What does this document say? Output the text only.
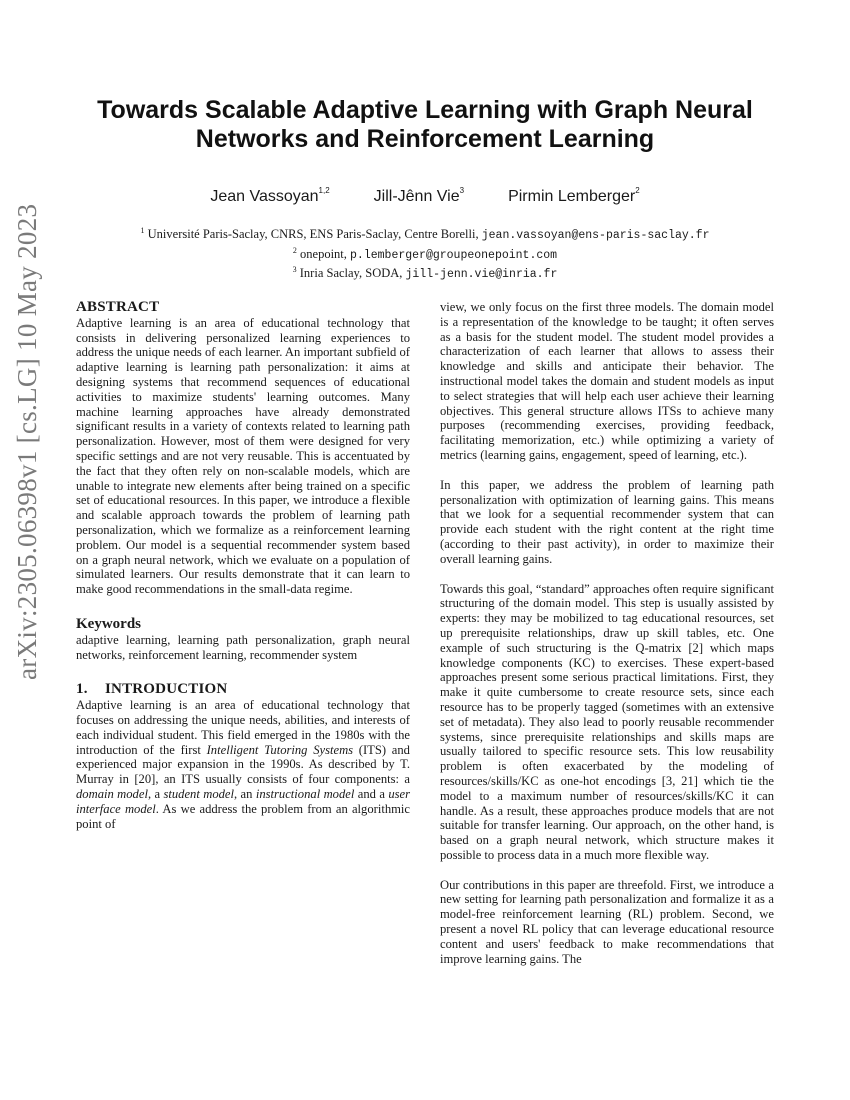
arXiv:2305.06398v1 [cs.LG] 10 May 2023
Towards Scalable Adaptive Learning with Graph Neural
Networks and Reinforcement Learning
Jean Vassoyan$^{1,2}$	Jill-Jênn Vie$^3$	Pirmin Lemberger$^2$
$^1$ Université Paris-Saclay, CNRS, ENS Paris-Saclay, Centre Borelli, jean.vassoyan@ens-paris-saclay.fr
$^2$ onepoint, p.lemberger@groupeonepoint.com
$^3$ Inria Saclay, SODA, jill-jenn.vie@inria.fr
ABSTRACT

Adaptive learning is an area of educational technology that consists in delivering personalized learning experiences to address the unique needs of each learner. An important subfield of adaptive learning is learning path personalization: it aims at designing systems that recommend sequences of educational activities to maximize students' learning outcomes. Many machine learning approaches have already demonstrated significant results in a variety of contexts related to learning path personalization. However, most of them were designed for very specific settings and are not very reusable. This is accentuated by the fact that they often rely on non-scalable models, which are unable to integrate new elements after being trained on a specific set of educational resources. In this paper, we introduce a flexible and scalable approach towards the problem of learning path personalization, which we formalize as a reinforcement learning problem. Our model is a sequential recommender system based on a graph neural network, which we evaluate on a population of simulated learners. Our results demonstrate that it can learn to make good recommendations in the small-data regime.

Keywords

adaptive learning, learning path personalization, graph neural networks, reinforcement learning, recommender system

1. INTRODUCTION

Adaptive learning is an area of educational technology that focuses on addressing the unique needs, abilities, and interests of each individual student. This field emerged in the 1980s with the introduction of the first Intelligent Tutoring Systems (ITS) and experienced major expansion in the 1990s. As described by T. Murray in [20], an ITS usually consists of four components: a domain model, a student model, an instructional model and a user interface model. As we address the problem from an algorithmic point of

view, we only focus on the first three models. The domain model is a representation of the knowledge to be taught; it often serves as a basis for the student model. The student model provides a characterization of each learner that allows to assess their knowledge and skills and anticipate their behavior. The instructional model takes the domain and student models as input to select strategies that will help each user achieve their learning objectives. This general structure allows ITSs to achieve many purposes (recommending exercises, providing feedback, facilitating memorization, etc.) while optimizing a variety of metrics (learning gains, engagement, speed of learning, etc.).

In this paper, we address the problem of learning path personalization with optimization of learning gains. This means that we look for a sequential recommender system that can provide each student with the right content at the right time (according to their past activity), in order to maximize their overall learning gains.

Towards this goal, “standard” approaches often require significant structuring of the domain model. This step is usually assisted by experts: they may be mobilized to tag educational resources, set up prerequisite relationships, draw up skill tables, etc. One example of such structuring is the Q-matrix [2] which maps knowledge components (KC) to exercises. These expert-based approaches present some serious practical limitations. First, they make it quite cumbersome to create resource sets, since each resource has to be properly tagged (sometimes with an extensive set of metadata). They also lead to poorly reusable recommender systems, since prerequisite relationships and skills maps are usually tailored to specific resource sets. This low reusability problem is often exacerbated by the modeling of resources/skills/KC as one-hot encodings [3, 21] which tie the model to a maximum number of resources/skills/KC it can handle. As a result, these approaches produce models that are not suitable for transfer learning. Our approach, on the other hand, is based on a graph neural network, which structure makes it possible to process data in a much more flexible way.

Our contributions in this paper are threefold. First, we introduce a new setting for learning path personalization and formalize it as a model-free reinforcement learning (RL) problem. Second, we present a novel RL policy that can leverage educational resource content and users' feedback to make recommendations that improve learning gains. The
